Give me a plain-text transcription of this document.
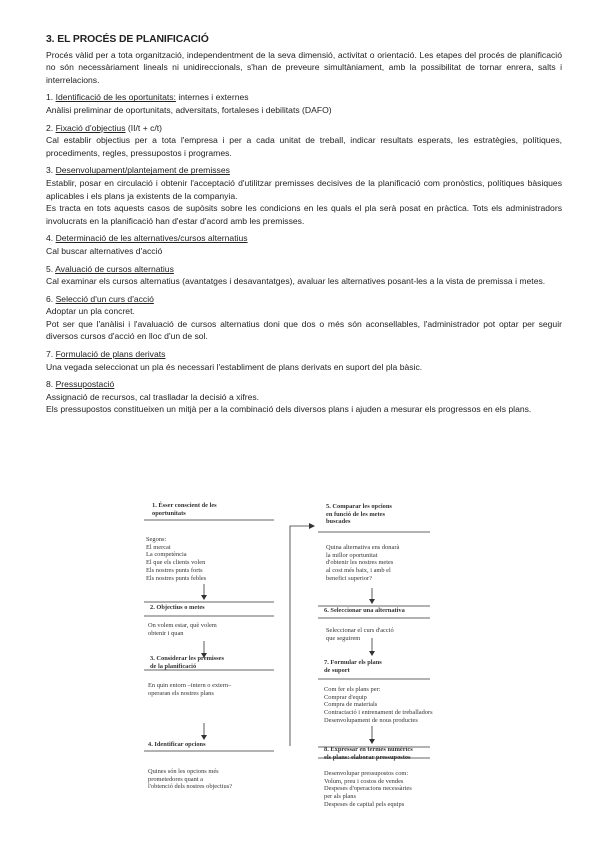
3. EL PROCÉS DE PLANIFICACIÓ

Procés vàlid per a tota organització, independentment de la seva dimensió, activitat o orientació. Les etapes del procés de planificació no són necessàriament lineals ni unidireccionals, s'han de preveure simultàniament, amb la possibilitat de tornar enrera, salts i interrelacions.

1. Identificació de les oportunitats: internes i externes

Anàlisi preliminar de oportunitats, adversitats, fortaleses i debilitats (DAFO)

2. Fixació d'objectius (II/t + c/t)

Cal establir objectius per a tota l'empresa i per a cada unitat de treball, indicar resultats esperats, les estratègies, polítiques, procediments, regles, pressupostos i programes.

3. Desenvolupament/plantejament de premisses

Establir, posar en circulació i obtenir l'acceptació d'utilitzar premisses decisives de la planificació com pronòstics, polítiques bàsiques aplicables i els plans ja existents de la companyia.

Es tracta en tots aquests casos de supòsits sobre les condicions en les quals el pla serà posat en pràctica. Tots els administradors involucrats en la planificació han d'estar d'acord amb les premisses.

4. Determinació de les alternatives/cursos alternatius

Cal buscar alternatives d'acció

5. Avaluació de cursos alternatius

Cal examinar els cursos alternatius (avantatges i desavantatges), avaluar les alternatives posant-les a la vista de premissa i metes.

6. Selecció d'un curs d'acció

Adoptar un pla concret.

Pot ser que l'anàlisi i l'avaluació de cursos alternatius doni que dos o més són aconsellables, l'administrador pot optar per seguir diversos cursos d'acció en lloc d'un de sol.

7. Formulació de plans derivats

Una vegada seleccionat un pla és necessari l'establiment de plans derivats en suport del pla bàsic.

8. Pressupostació

Assignació de recursos, cal traslladar la decisió a xifres.

Els pressupostos constitueixen un mitjà per a la combinació dels diversos plans i ajuden a mesurar els progressos en els plans.

1. Ésser conscient de les
oportunitats
Segons:
El mercat
La competència
El que els clients volen
Els nostres punts forts
Els nostres punts febles
2. Objectius o metes
On volem estar, què volem
obtenir i quan
3. Considerar les premisses
de la planificació
En quin entorn –intern o extern–
operaran els nostres plans
4. Identificar opcions
Quines són les opcions més
prometedores quant a
l'obtenció dels nostres objectius?
5. Comparar les opcions
en funció de les metes
buscades
Quina alternativa ens donarà
la millor oportunitat
d'obtenir les nostres metes
al cost més baix, i amb el
benefici superior?
6. Seleccionar una alternativa
Seleccionar el curs d'acció
que seguirem
7. Formular els plans
de suport
Com fer els plans per:
Comprar d'equip
Compra de materials
Contractació i entrenament de treballadors
Desenvolupament de nous productes
8. Expressar en termes numèrics
els plans: elaborar pressupostos
Desenvolupar pressupostos com:
Volum, preu i costos de vendes
Despeses d'operacions necessàries
per als plans
Despeses de capital pels equips
